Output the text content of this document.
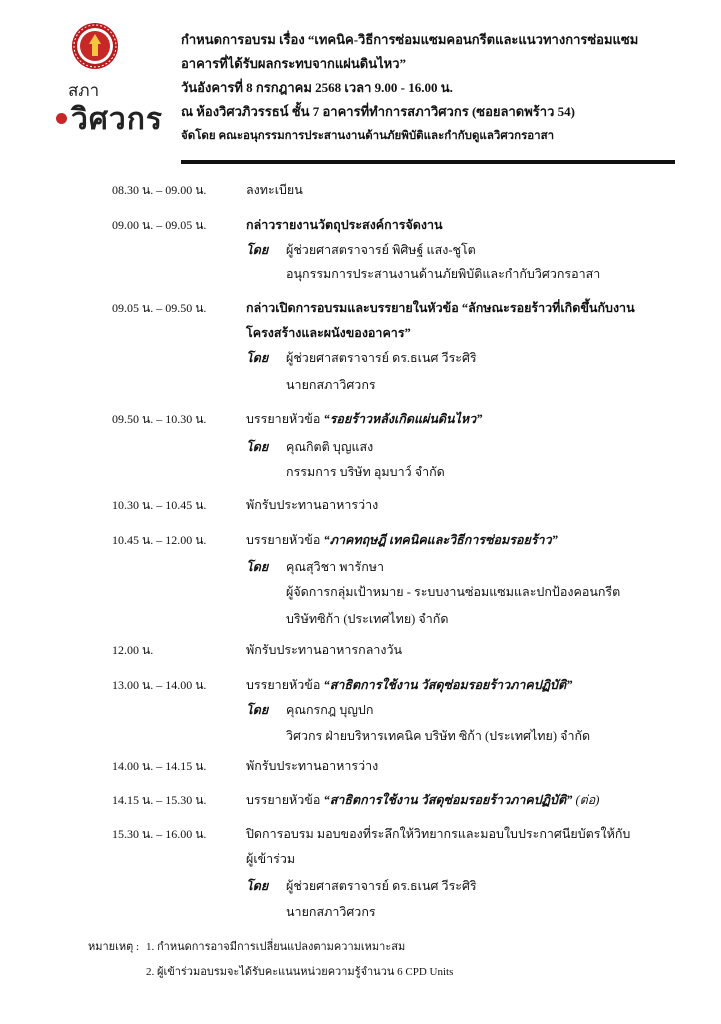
สภา
วิศวกร
กำหนดการอบรม เรื่อง “เทคนิค-วิธีการซ่อมแซมคอนกรีตและแนวทางการซ่อมแซม
อาคารที่ได้รับผลกระทบจากแผ่นดินไหว”
วันอังคารที่ 8 กรกฎาคม 2568 เวลา 9.00 - 16.00 น.
ณ ห้องวิศวภิวรรธน์ ชั้น 7 อาคารที่ทำการสภาวิศวกร (ซอยลาดพร้าว 54)
จัดโดย คณะอนุกรรมการประสานงานด้านภัยพิบัติและกำกับดูแลวิศวกรอาสา
08.30 น. – 09.00 น.	ลงทะเบียน
09.00 น. – 09.05 น.	กล่าวรายงานวัตถุประสงค์การจัดงาน
โดย ผู้ช่วยศาสตราจารย์ พิศิษฐ์ แสง-ชูโต
อนุกรรมการประสานงานด้านภัยพิบัติและกำกับวิศวกรอาสา
09.05 น. – 09.50 น.	กล่าวเปิดการอบรมและบรรยายในหัวข้อ “ลักษณะรอยร้าวที่เกิดขึ้นกับงาน
โครงสร้างและผนังของอาคาร”
โดย ผู้ช่วยศาสตราจารย์ ดร.ธเนศ วีระศิริ
นายกสภาวิศวกร
09.50 น. – 10.30 น.	บรรยายหัวข้อ “รอยร้าวหลังเกิดแผ่นดินไหว”
โดย คุณกิตติ บุญแสง
กรรมการ บริษัท อุมบาว์ จำกัด
10.30 น. – 10.45 น.	พักรับประทานอาหารว่าง
10.45 น. – 12.00 น.	บรรยายหัวข้อ “ภาคทฤษฎี เทคนิคและวิธีการซ่อมรอยร้าว”
โดย คุณสุวิชา พารักษา
ผู้จัดการกลุ่มเป้าหมาย - ระบบงานซ่อมแซมและปกป้องคอนกรีต
บริษัทซิก้า (ประเทศไทย) จำกัด
12.00 น.	พักรับประทานอาหารกลางวัน
13.00 น. – 14.00 น.	บรรยายหัวข้อ “สาธิตการใช้งาน วัสดุซ่อมรอยร้าวภาคปฏิบัติ”
โดย คุณกรกฎ บุญปก
วิศวกร ฝ่ายบริหารเทคนิค บริษัท ซิก้า (ประเทศไทย) จำกัด
14.00 น. – 14.15 น.	พักรับประทานอาหารว่าง
14.15 น. – 15.30 น.	บรรยายหัวข้อ “สาธิตการใช้งาน วัสดุซ่อมรอยร้าวภาคปฏิบัติ” (ต่อ)
15.30 น. – 16.00 น.	ปิดการอบรม มอบของที่ระลึกให้วิทยากรและมอบใบประกาศนียบัตรให้กับ
ผู้เข้าร่วม
โดย ผู้ช่วยศาสตราจารย์ ดร.ธเนศ วีระศิริ
นายกสภาวิศวกร
หมายเหตุ : 1. กำหนดการอาจมีการเปลี่ยนแปลงตามความเหมาะสม
2. ผู้เข้าร่วมอบรมจะได้รับคะแนนหน่วยความรู้จำนวน 6 CPD Units
